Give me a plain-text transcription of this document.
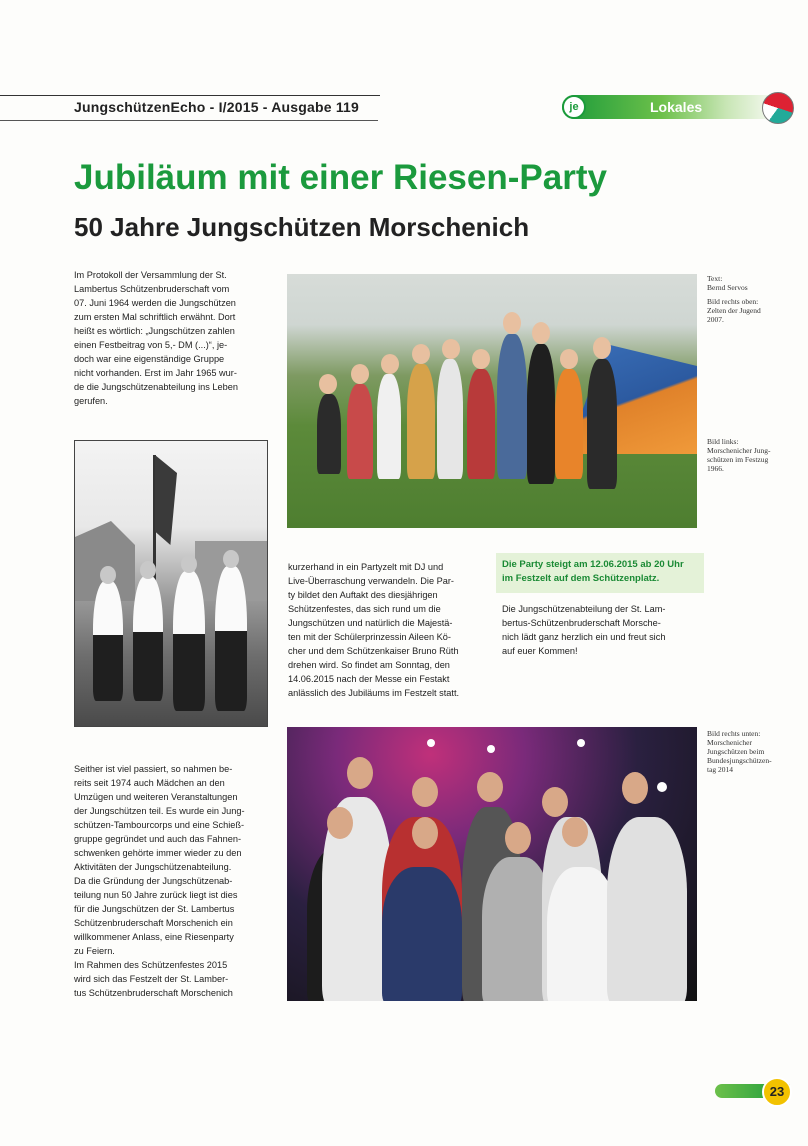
JungschützenEcho - I/2015 - Ausgabe 119	je	Lokales
Jubiläum mit einer Riesen-Party
50 Jahre Jungschützen Morschenich
Im Protokoll der Versammlung der St.
Lambertus Schützenbruderschaft vom
07. Juni 1964 werden die Jungschützen
zum ersten Mal schriftlich erwähnt. Dort
heißt es wörtlich: „Jungschützen zahlen
einen Festbeitrag von 5,- DM (...)“, je-
doch war eine eigenständige Gruppe
nicht vorhanden. Erst im Jahr 1965 wur-
de die Jungschützenabteilung ins Leben
gerufen.
Text:
Bernd Servos
Bild rechts oben:
Zelten der Jugend
2007.
Bild links:
Morschenicher Jung-
schützen im Festzug
1966.
kurzerhand in ein Partyzelt mit DJ und
Live-Überraschung verwandeln. Die Par-
ty bildet den Auftakt des diesjährigen
Schützenfestes, das sich rund um die
Jungschützen und natürlich die Majestä-
ten mit der Schülerprinzessin Aileen Kö-
cher und dem Schützenkaiser Bruno Rüth
drehen wird. So findet am Sonntag, den
14.06.2015 nach der Messe ein Festakt
anlässlich des Jubiläums im Festzelt statt.
Die Party steigt am 12.06.2015 ab 20 Uhr
im Festzelt auf dem Schützenplatz.
Die Jungschützenabteilung der St. Lam-
bertus-Schützenbruderschaft Morsche-
nich lädt ganz herzlich ein und freut sich
auf euer Kommen!
Bild rechts unten:
Morschenicher
Jungschützen beim
Bundesjungschützen-
tag 2014
Seither ist viel passiert, so nahmen be-
reits seit 1974 auch Mädchen an den
Umzügen und weiteren Veranstaltungen
der Jungschützen teil. Es wurde ein Jung-
schützen-Tambourcorps und eine Schieß-
gruppe gegründet und auch das Fahnen-
schwenken gehörte immer wieder zu den
Aktivitäten der Jungschützenabteilung.
Da die Gründung der Jungschützenab-
teilung nun 50 Jahre zurück liegt ist dies
für die Jungschützen der St. Lambertus
Schützenbruderschaft Morschenich ein
willkommener Anlass, eine Riesenparty
zu Feiern.
Im Rahmen des Schützenfestes 2015
wird sich das Festzelt der St. Lamber-
tus Schützenbruderschaft Morschenich
23
